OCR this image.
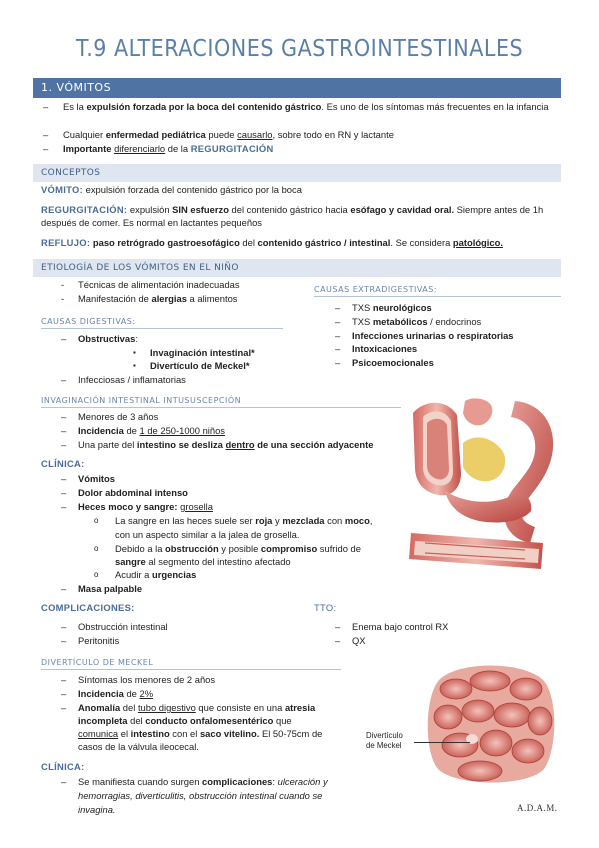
T.9 ALTERACIONES GASTROINTESTINALES
1. VÓMITOS
– Es la expulsión forzada por la boca del contenido gástrico. Es uno de los síntomas más frecuentes en la infancia
– Cualquier enfermedad pediátrica puede causarlo, sobre todo en RN y lactante
– Importante diferenciarlo de la REGURGITACIÓN
CONCEPTOS
VÓMITO: expulsión forzada del contenido gástrico por la boca
REGURGITACIÓN: expulsión SIN esfuerzo del contenido gástrico hacia esófago y cavidad oral. Siempre antes de 1h después de comer. Es normal en lactantes pequeños
REFLUJO: paso retrógrado gastroesofágico del contenido gástrico / intestinal. Se considera patológico.
ETIOLOGÍA DE LOS VÓMITOS EN EL NIÑO
- Técnicas de alimentación inadecuadas
- Manifestación de alergias a alimentos
CAUSAS DIGESTIVAS:
– Obstructivas:
▪ Invaginación intestinal*
▪ Divertículo de Meckel*
– Infecciosas / inflamatorias
CAUSAS EXTRADIGESTIVAS:
– TXS neurológicos
– TXS metabólicos / endocrinos
– Infecciones urinarias o respiratorias
– Intoxicaciones
– Psicoemocionales
INVAGINACIÓN INTESTINAL INTUSUSCEPCIÓN
– Menores de 3 años
– Incidencia de 1 de 250-1000 niños
– Una parte del intestino se desliza dentro de una sección adyacente
CLÍNICA:
– Vómitos
– Dolor abdominal intenso
– Heces moco y sangre: grosella
o La sangre en las heces suele ser roja y mezclada con moco,
con un aspecto similar a la jalea de grosella.
o Debido a la obstrucción y posible compromiso sufrido de
sangre al segmento del intestino afectado
o Acudir a urgencias
– Masa palpable
COMPLICACIONES:
– Obstrucción intestinal
– Peritonitis
TTO:
– Enema bajo control RX
– QX
DIVERTÍCULO DE MECKEL
– Síntomas los menores de 2 años
– Incidencia de 2%
– Anomalía del tubo digestivo que consiste en una atresia
incompleta del conducto onfalomesentérico que
comunica el intestino con el saco vitelino. El 50-75cm de
casos de la válvula ileocecal.
CLÍNICA:
– Se manifiesta cuando surgen complicaciones: ulceración y
hemorragias, diverticulitis, obstrucción intestinal cuando se
invagina.
Divertículo
de Meckel
A.D.A.M.
